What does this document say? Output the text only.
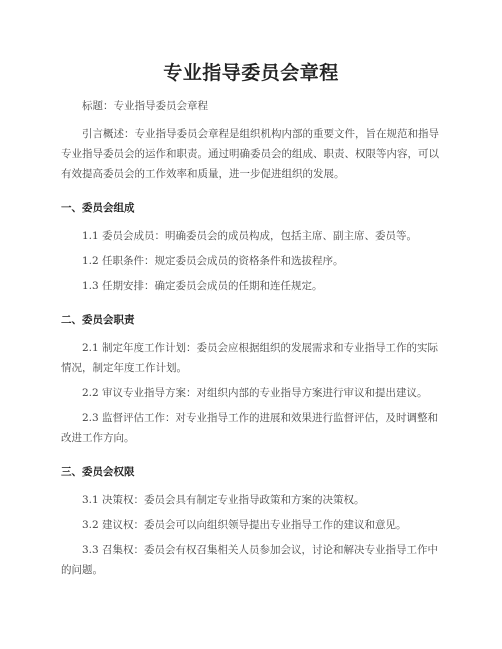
专业指导委员会章程

标题：专业指导委员会章程

引言概述：专业指导委员会章程是组织机构内部的重要文件，旨在规范和指导专业指导委员会的运作和职责。通过明确委员会的组成、职责、权限等内容，可以有效提高委员会的工作效率和质量，进一步促进组织的发展。

一、委员会组成

1.1 委员会成员：明确委员会的成员构成，包括主席、副主席、委员等。

1.2 任职条件：规定委员会成员的资格条件和选拔程序。

1.3 任期安排：确定委员会成员的任期和连任规定。

二、委员会职责

2.1 制定年度工作计划：委员会应根据组织的发展需求和专业指导工作的实际情况，制定年度工作计划。

2.2 审议专业指导方案：对组织内部的专业指导方案进行审议和提出建议。

2.3 监督评估工作：对专业指导工作的进展和效果进行监督评估，及时调整和改进工作方向。

三、委员会权限

3.1 决策权：委员会具有制定专业指导政策和方案的决策权。

3.2 建议权：委员会可以向组织领导提出专业指导工作的建议和意见。

3.3 召集权：委员会有权召集相关人员参加会议，讨论和解决专业指导工作中的问题。
